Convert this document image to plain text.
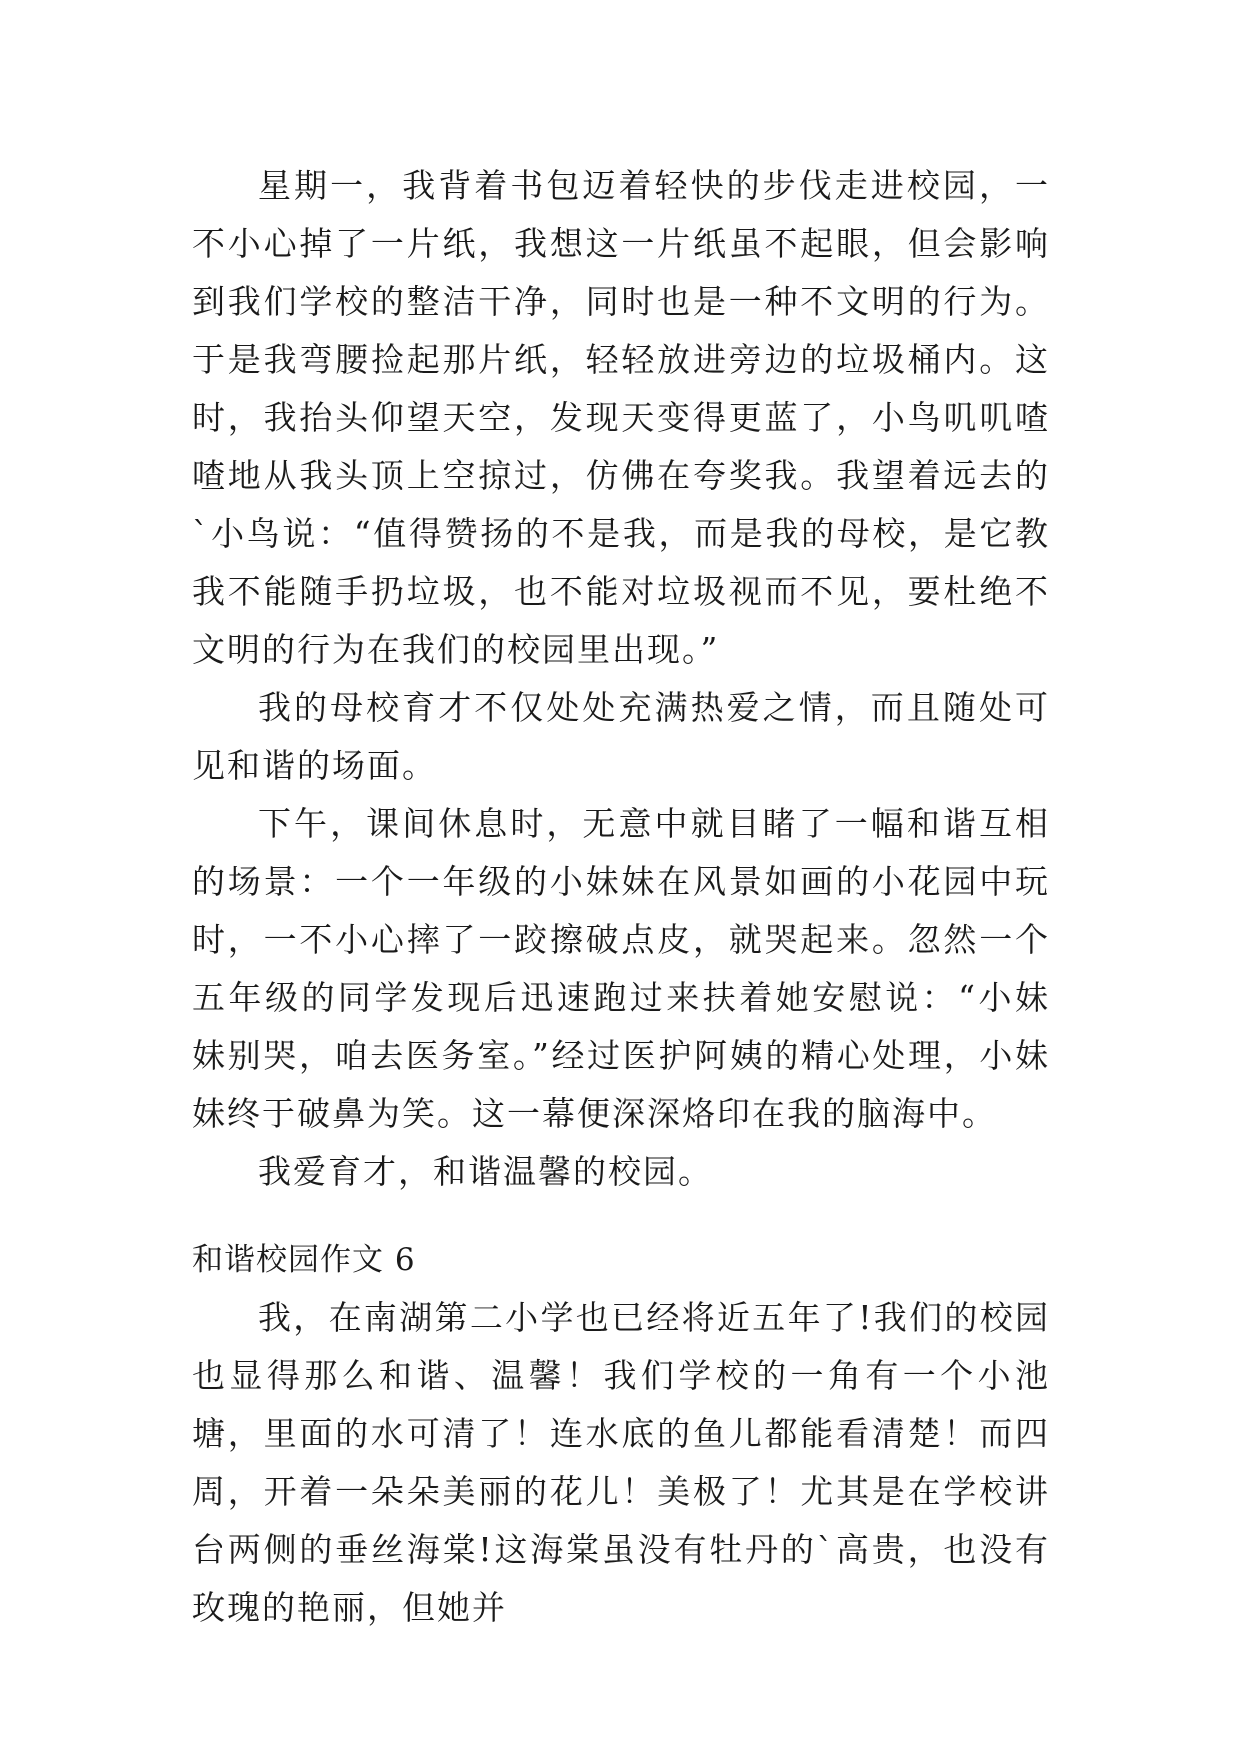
星期一，我背着书包迈着轻快的步伐走进校园，一不小心掉了一片纸，我想这一片纸虽不起眼，但会影响到我们学校的整洁干净，同时也是一种不文明的行为。于是我弯腰捡起那片纸，轻轻放进旁边的垃圾桶内。这时，我抬头仰望天空，发现天变得更蓝了，小鸟叽叽喳喳地从我头顶上空掠过，仿佛在夸奖我。我望着远去的`小鸟说：“值得赞扬的不是我，而是我的母校，是它教我不能随手扔垃圾，也不能对垃圾视而不见，要杜绝不文明的行为在我们的校园里出现。”

我的母校育才不仅处处充满热爱之情，而且随处可见和谐的场面。

下午，课间休息时，无意中就目睹了一幅和谐互相的场景：一个一年级的小妹妹在风景如画的小花园中玩时，一不小心摔了一跤擦破点皮，就哭起来。忽然一个五年级的同学发现后迅速跑过来扶着她安慰说：“小妹妹别哭，咱去医务室。”经过医护阿姨的精心处理，小妹妹终于破鼻为笑。这一幕便深深烙印在我的脑海中。

我爱育才，和谐温馨的校园。

和谐校园作文 6

我，在南湖第二小学也已经将近五年了!我们的校园也显得那么和谐、温馨！我们学校的一角有一个小池塘，里面的水可清了！连水底的鱼儿都能看清楚！而四周，开着一朵朵美丽的花儿！美极了！尤其是在学校讲台两侧的垂丝海棠!这海棠虽没有牡丹的`高贵，也没有玫瑰的艳丽，但她并
